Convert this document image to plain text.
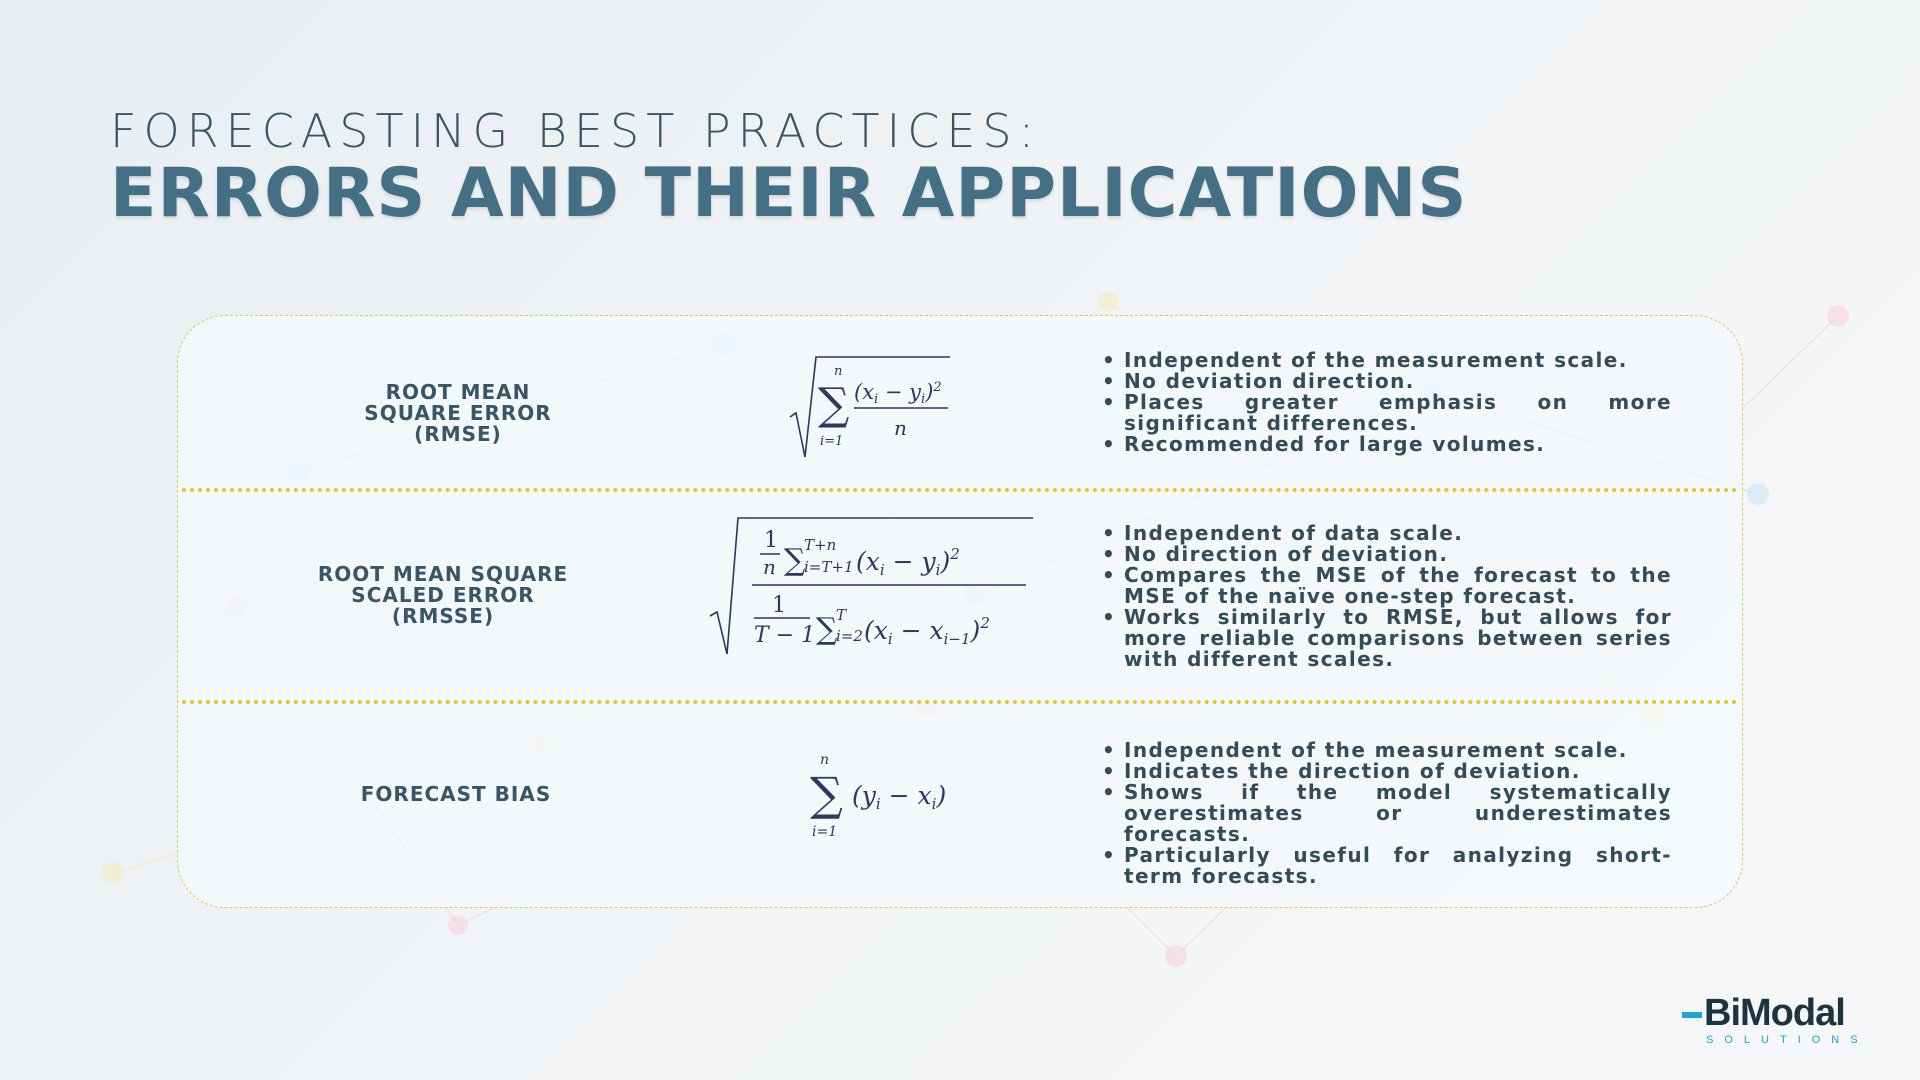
FORECASTING BEST PRACTICES:
ERRORS AND THEIR APPLICATIONS
ROOT MEAN
SQUARE ERROR
(RMSE)
n
∑
i=1
(xi − yi)$^2$
n
• Independent of the measurement scale.
• No deviation direction.
• Places greater emphasis on more significant differences.
• Recommended for large volumes.
ROOT MEAN SQUARE
SCALED ERROR
(RMSSE)
1
n ∑
T+n
i=T+1 $(x_i - y_i)^2$
1
T − 1 ∑
T
i=2 $(x_i - x_{i-1})^2$
• Independent of data scale.
• No direction of deviation.
• Compares the MSE of the forecast to the MSE of the naïve one-step forecast.
• Works similarly to RMSE, but allows for more reliable comparisons between series with different scales.
FORECAST BIAS
n
∑
i=1
$(y_i - x_i)$
• Independent of the measurement scale.
• Indicates the direction of deviation.
• Shows if the model systematically overestimates or underestimates forecasts.
• Particularly useful for analyzing short-term forecasts.
BiModal
SOLUTIONS
